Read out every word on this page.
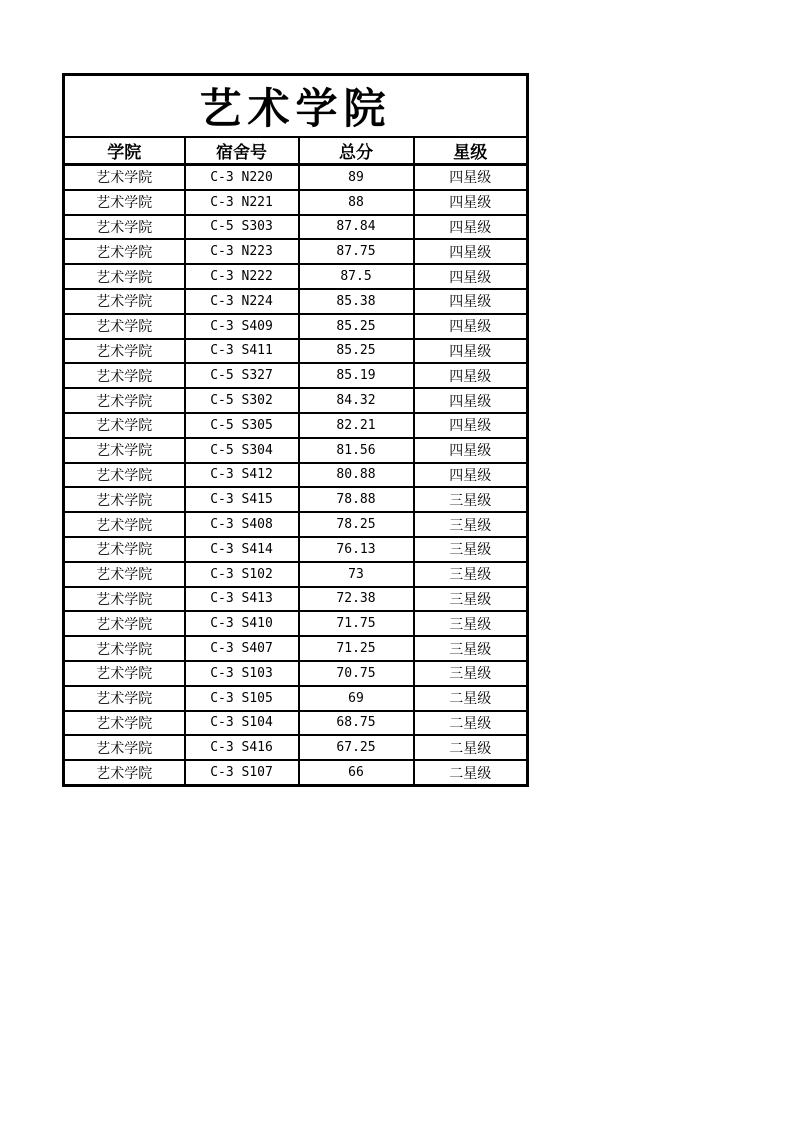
艺术学院			
学院	宿舍号	总分	星级
艺术学院	C-3 N220	89	四星级
艺术学院	C-3 N221	88	四星级
艺术学院	C-5 S303	87.84	四星级
艺术学院	C-3 N223	87.75	四星级
艺术学院	C-3 N222	87.5	四星级
艺术学院	C-3 N224	85.38	四星级
艺术学院	C-3 S409	85.25	四星级
艺术学院	C-3 S411	85.25	四星级
艺术学院	C-5 S327	85.19	四星级
艺术学院	C-5 S302	84.32	四星级
艺术学院	C-5 S305	82.21	四星级
艺术学院	C-5 S304	81.56	四星级
艺术学院	C-3 S412	80.88	四星级
艺术学院	C-3 S415	78.88	三星级
艺术学院	C-3 S408	78.25	三星级
艺术学院	C-3 S414	76.13	三星级
艺术学院	C-3 S102	73	三星级
艺术学院	C-3 S413	72.38	三星级
艺术学院	C-3 S410	71.75	三星级
艺术学院	C-3 S407	71.25	三星级
艺术学院	C-3 S103	70.75	三星级
艺术学院	C-3 S105	69	二星级
艺术学院	C-3 S104	68.75	二星级
艺术学院	C-3 S416	67.25	二星级
艺术学院	C-3 S107	66	二星级
